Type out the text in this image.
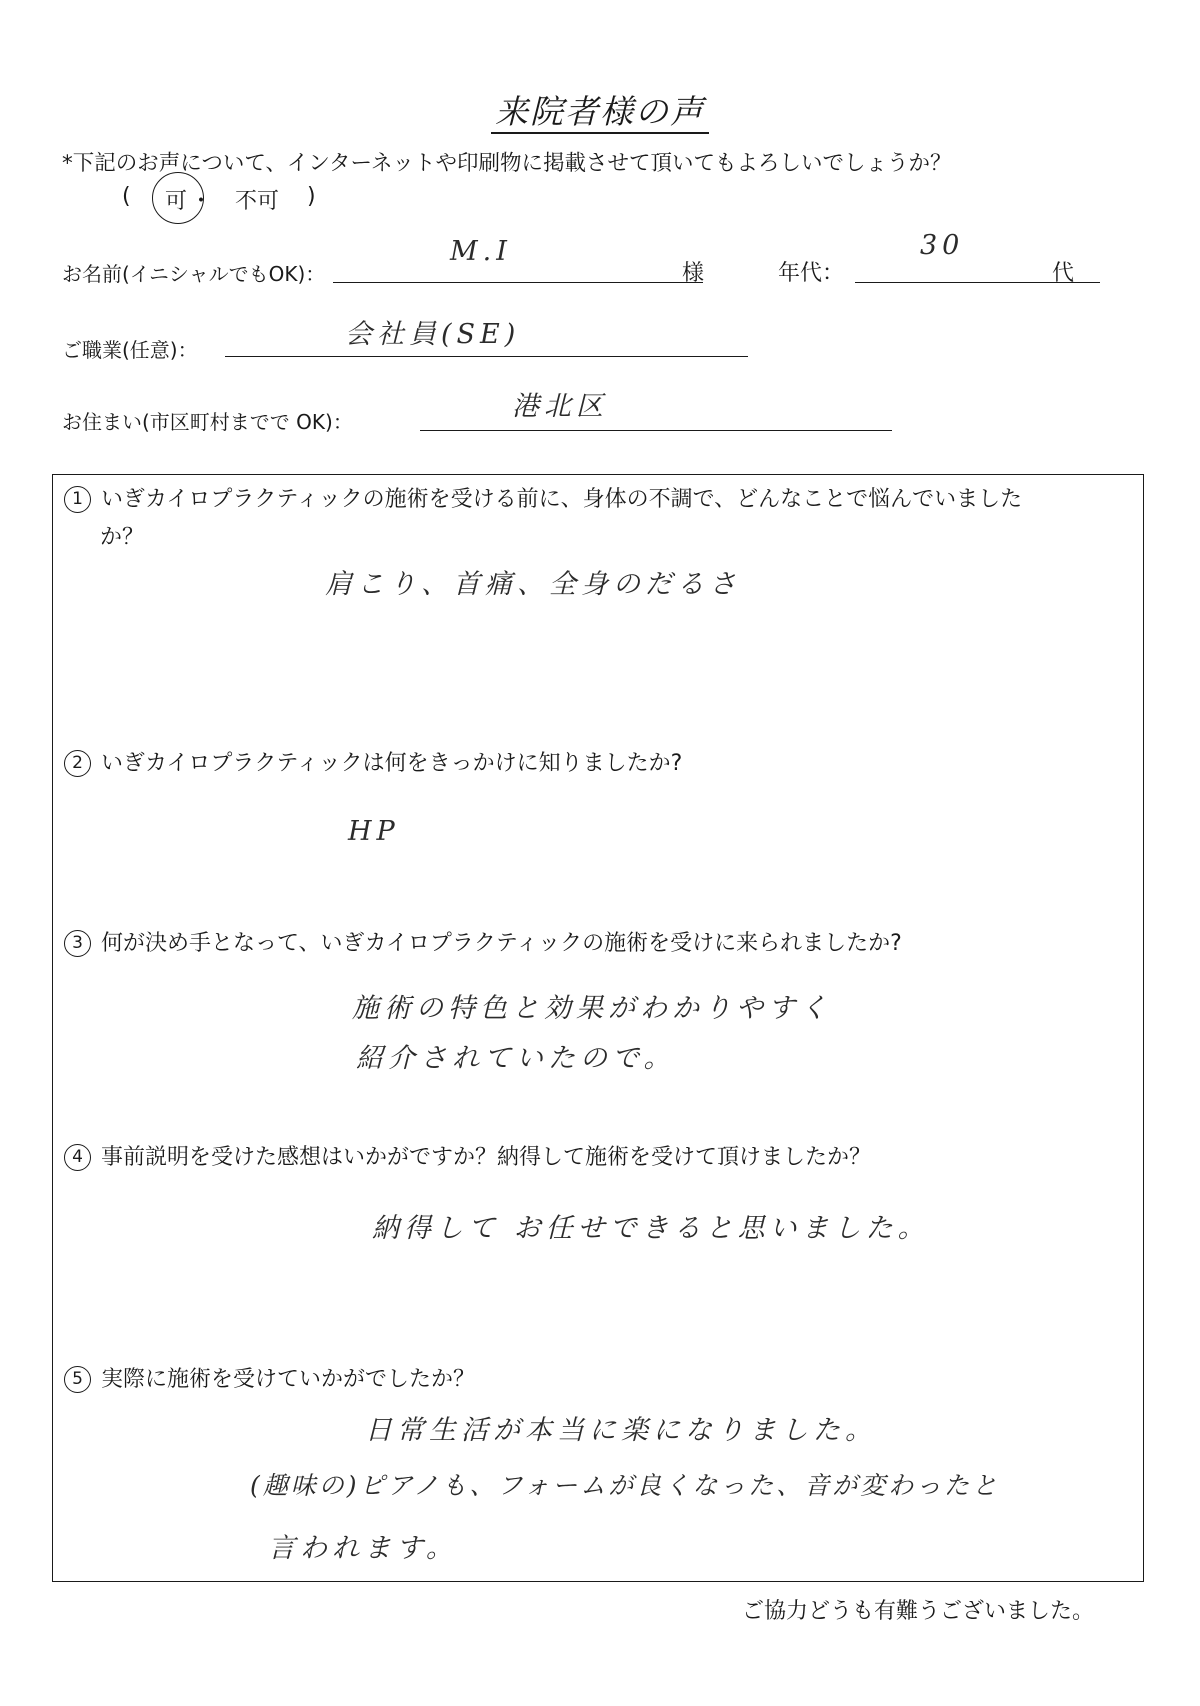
来院者様の声
*下記のお声について、インターネットや印刷物に掲載させて頂いてもよろしいでしょうか？
( 可 ・ 不可 )
お名前(イニシャルでもOK)：
M.I
様	年代：
30
代
ご職業(任意)：	会社員(SE)
お住まい(市区町村までで OK)：	港北区
1 いぎカイロプラクティックの施術を受ける前に、身体の不調で、どんなことで悩んでいました
か？
肩こり、首痛、全身のだるさ
2 いぎカイロプラクティックは何をきっかけに知りましたか?
HP
3 何が決め手となって、いぎカイロプラクティックの施術を受けに来られましたか?
施術の特色と効果がわかりやすく
紹介されていたので。
4 事前説明を受けた感想はいかがですか？納得して施術を受けて頂けましたか？
納得して お任せできると思いました。
5 実際に施術を受けていかがでしたか？
日常生活が本当に楽になりました。
(趣味の)ピアノも、フォームが良くなった、音が変わったと
言われます。
ご協力どうも有難うございました。
